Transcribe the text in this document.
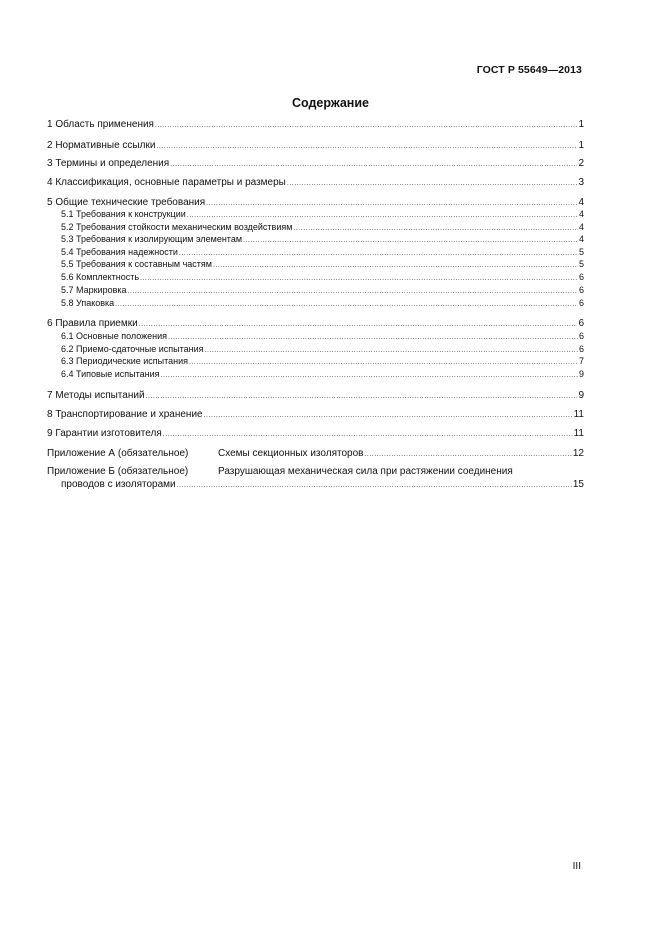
ГОСТ Р 55649—2013
Содержание
1 Область применения .....	1
2 Нормативные ссылки .....	1
3 Термины и определения .....	2
4 Классификация, основные параметры и размеры .....	3
5 Общие технические требования .....	4
5.1 Требования к конструкции .....	4
5.2 Требования стойкости механическим воздействиям .....	4
5.3 Требования к изолирующим элементам .....	4
5.4 Требования надежности .....	5
5.5 Требования к составным частям .....	5
5.6 Комплектность .....	6
5.7 Маркировка .....	6
5.8 Упаковка .....	6
6 Правила приемки .....	6
6.1 Основные положения .....	6
6.2 Приемо-сдаточные испытания .....	6
6.3 Периодические испытания .....	7
6.4 Типовые испытания .....	9
7 Методы испытаний .....	9
8 Транспортирование и хранение .....	11
9 Гарантии изготовителя .....	11
Приложение А (обязательное)	Схемы секционных изоляторов .....	12
Приложение Б (обязательное)	Разрушающая механическая сила при растяжении соединения
проводов с изоляторами .....	15
III
